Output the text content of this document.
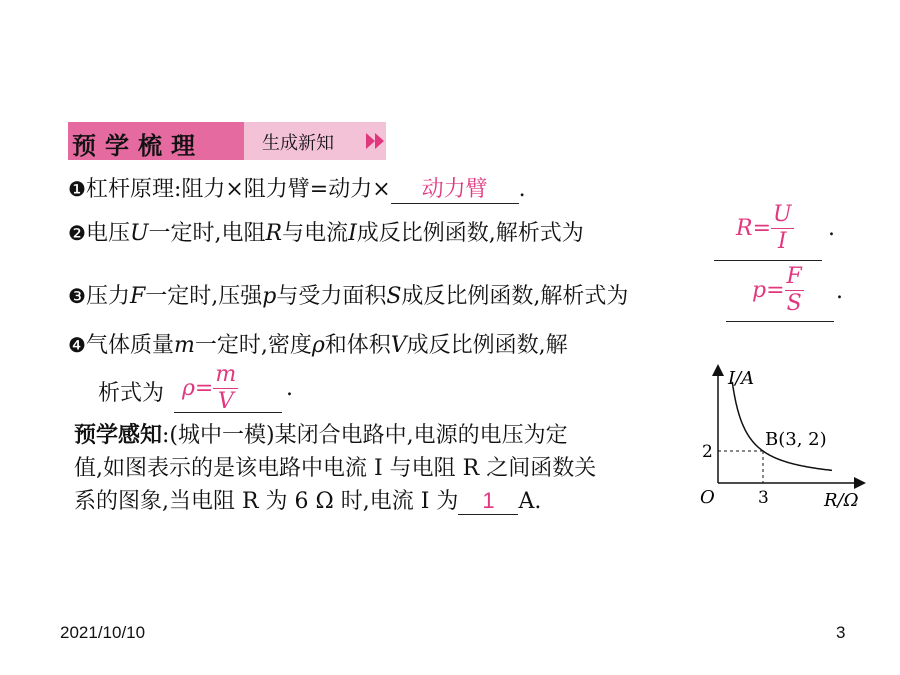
预学梳理	生成新知
❶杠杆原理:阻力×阻力臂=动力× 动力臂 .
❷电压U一定时,电阻R与电流I成反比例函数,解析式为	$R= \frac{U}{I}$ .
❸压力F一定时,压强p与受力面积S成反比例函数,解析式为	$p= \frac{F}{S}$ .
❹气体质量m一定时,密度ρ和体积V成反比例函数,解
析式为 $\rho= \frac{m}{V}$ .
预学感知:(城中一模)某闭合电路中,电源的电压为定
值,如图表示的是该电路中电流 I 与电阻 R 之间函数关
系的图象,当电阻 R 为 6 Ω 时,电流 I 为 1 A.
I/A
R/Ω
O
2
3
B(3, 2)
2021/10/10	3
